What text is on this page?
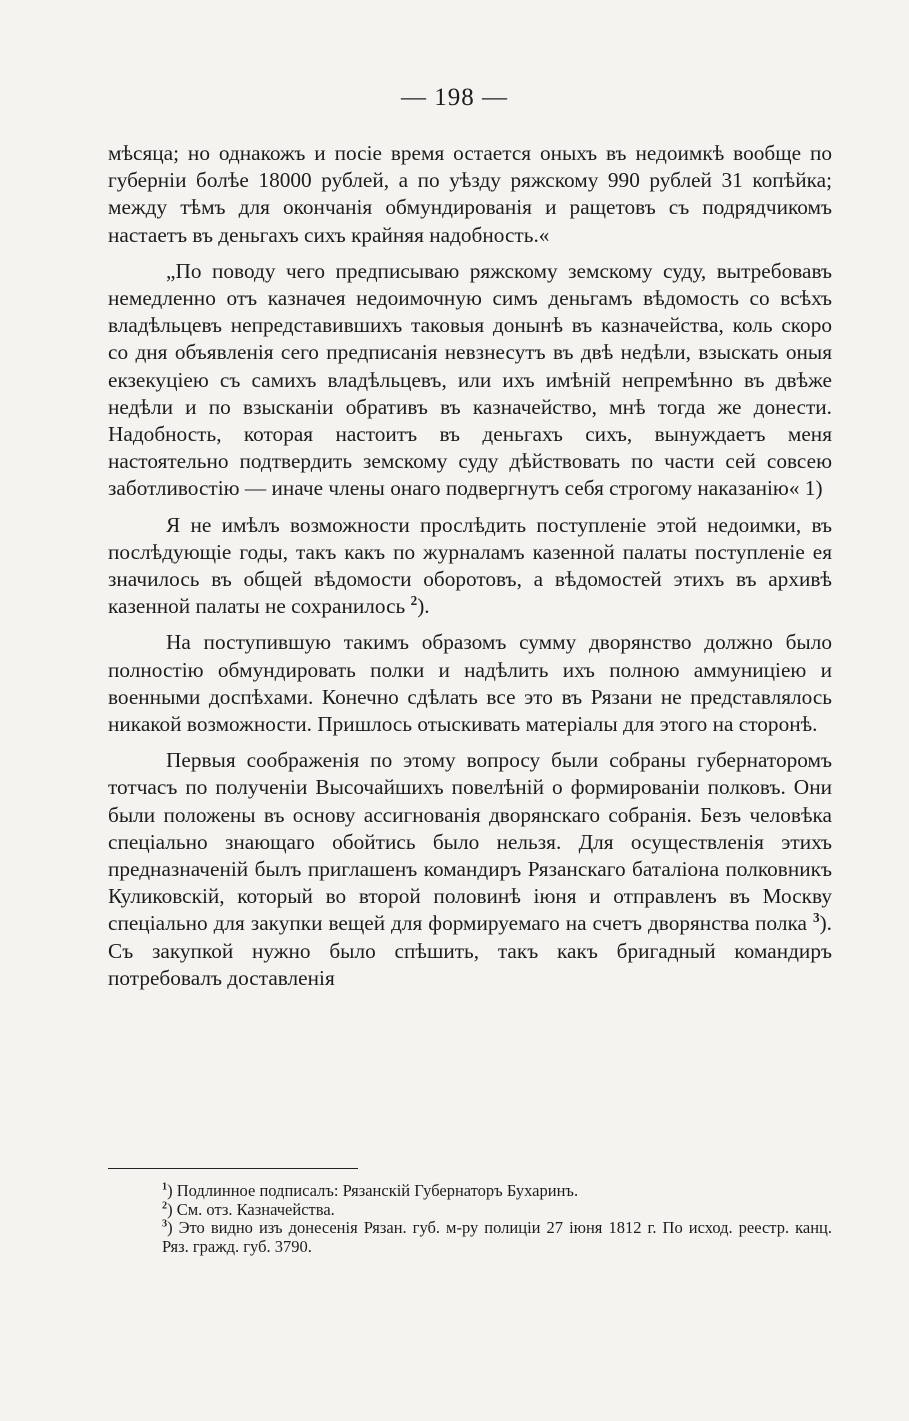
— 198 —

мѣсяца; но однакожъ и посіе время остается оныхъ въ недоимкѣ вообще по губерніи болѣе 18000 рублей, а по уѣзду ряжскому 990 рублей 31 копѣйка; между тѣмъ для окончанія обмундированія и ращетовъ съ подрядчикомъ настаетъ въ деньгахъ сихъ крайняя надобность.«

„По поводу чего предписываю ряжскому земскому суду, вытребовавъ немедленно отъ казначея недоимочную симъ деньгамъ вѣдомость со всѣхъ владѣльцевъ непредставившихъ таковыя донынѣ въ казначейства, коль скоро со дня объявленія сего предписанія невзнесутъ въ двѣ недѣли, взыскать оныя екзекуціею съ самихъ владѣльцевъ, или ихъ имѣній непремѣнно въ двѣже недѣли и по взысканіи обративъ въ казначейство, мнѣ тогда же донести. Надобность, которая настоитъ въ деньгахъ сихъ, вынуждаетъ меня настоятельно подтвердить земскому суду дѣйствовать по части сей совсею заботливостію — иначе члены онаго подвергнутъ себя строгому наказанію« 1)

Я не имѣлъ возможности прослѣдить поступленіе этой недоимки, въ послѣдующіе годы, такъ какъ по журналамъ казенной палаты поступленіе ея значилось въ общей вѣдомости оборотовъ, а вѣдомостей этихъ въ архивѣ казенной палаты не сохранилось $^2$).

На поступившую такимъ образомъ сумму дворянство должно было полностію обмундировать полки и надѣлить ихъ полною аммуниціею и военными доспѣхами. Конечно сдѣлать все это въ Рязани не представлялось никакой возможности. Пришлось отыскивать матеріалы для этого на сторонѣ.

Первыя соображенія по этому вопросу были собраны губернаторомъ тотчасъ по полученіи Высочайшихъ повелѣній о формированіи полковъ. Они были положены въ основу ассигнованія дворянскаго собранія. Безъ человѣка спеціально знающаго обойтись было нельзя. Для осуществленія этихъ предназначеній былъ приглашенъ командиръ Рязанскаго баталіона полковникъ Куликовскій, который во второй половинѣ іюня и отправленъ въ Москву спеціально для закупки вещей для формируемаго на счетъ дворянства полка $^3$). Съ закупкой нужно было спѣшить, такъ какъ бригадный командиръ потребовалъ доставленія

$^1$) Подлинное подписалъ: Рязанскій Губернаторъ Бухаринъ.

$^2$) См. отз. Казначейства.

$^3$) Это видно изъ донесенія Рязан. губ. м-ру полиціи 27 іюня 1812 г. По исход. реестр. канц. Ряз. гражд. губ. 3790.
